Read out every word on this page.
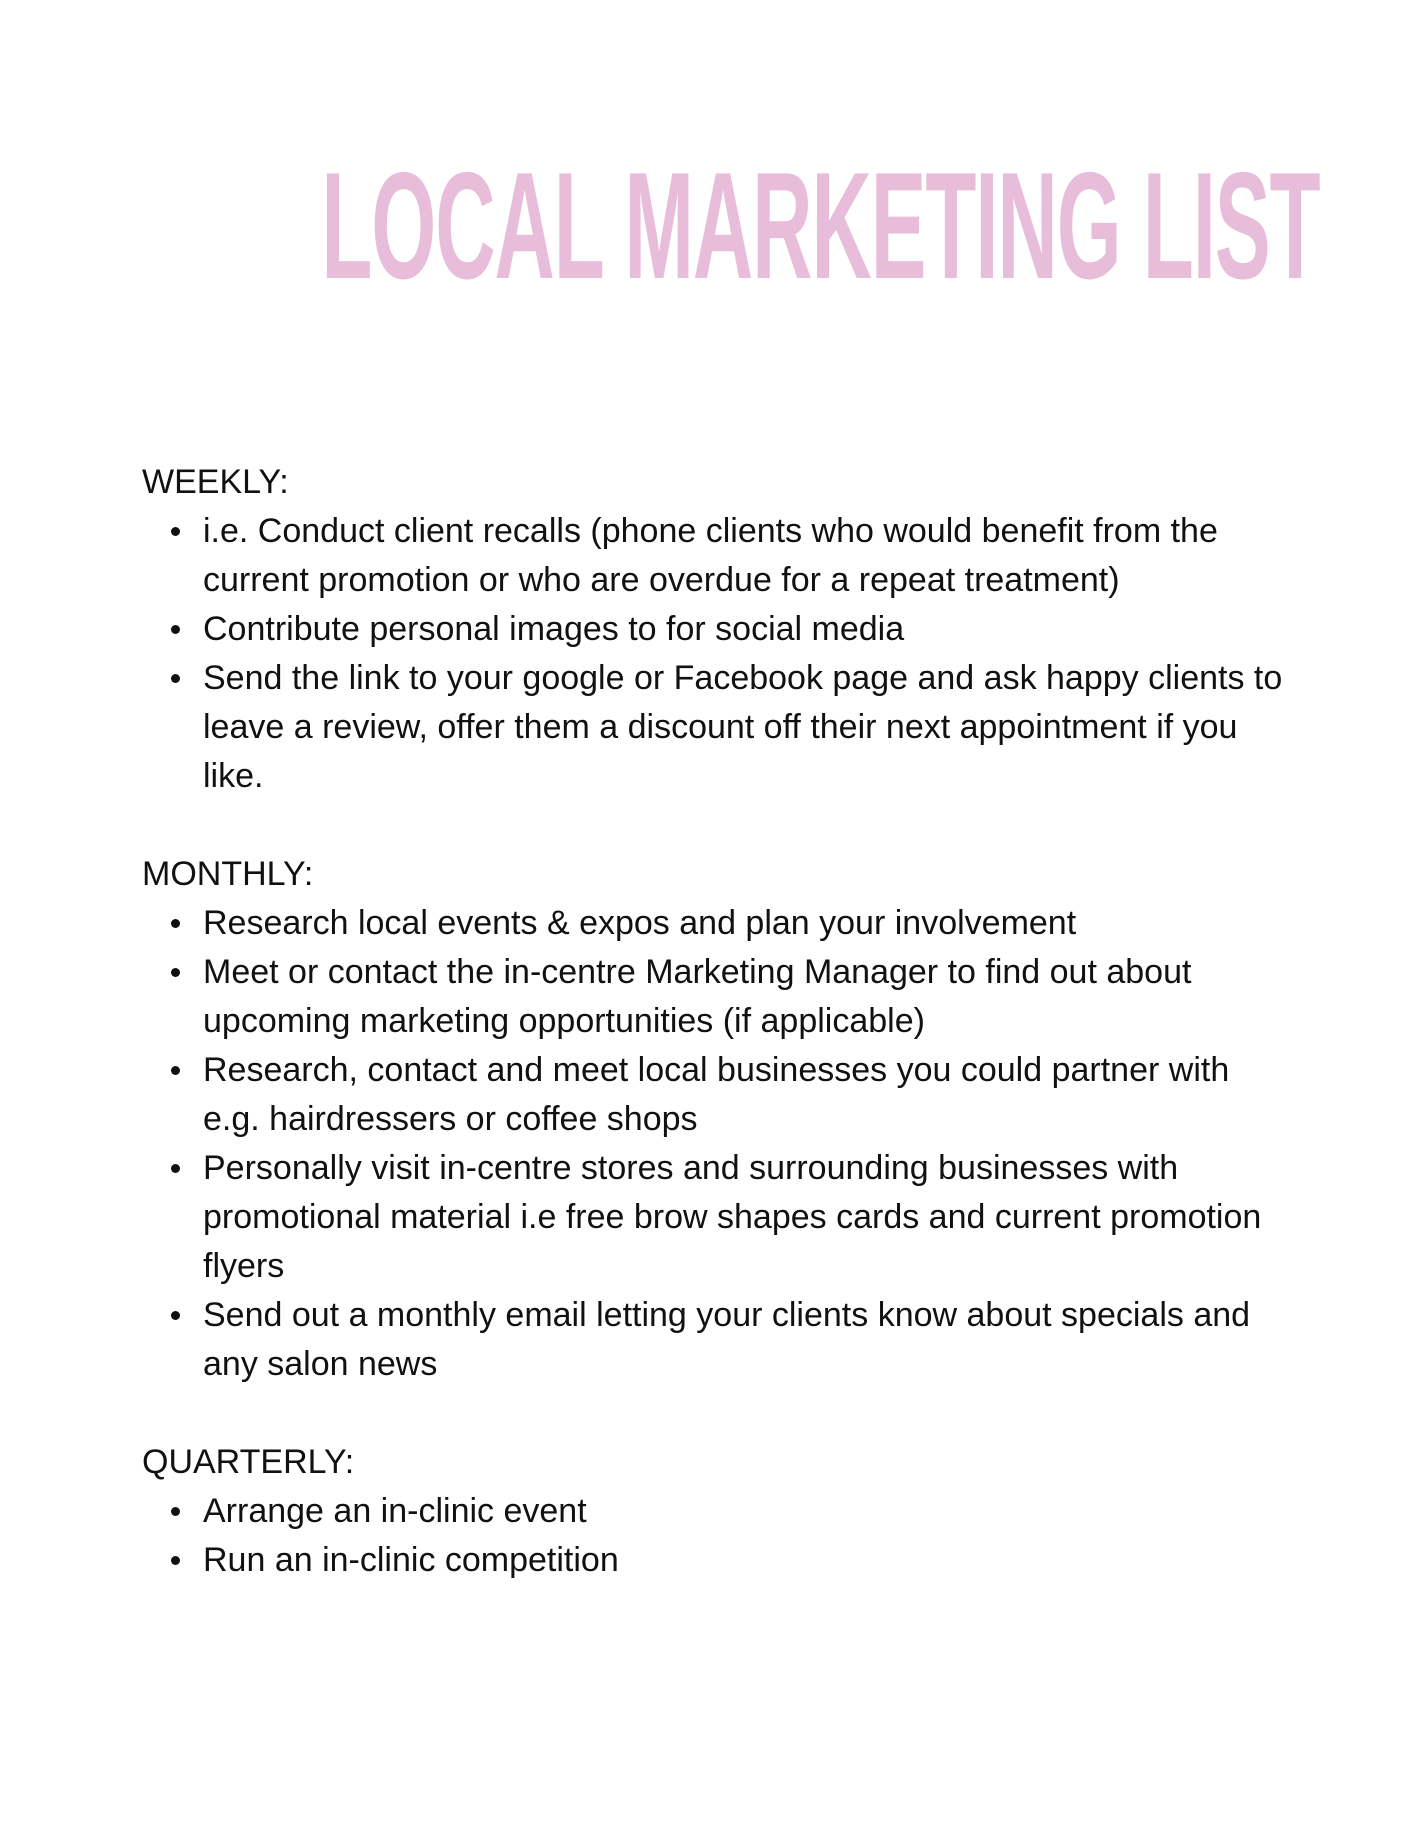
LOCAL MARKETING LIST

WEEKLY:

i.e. Conduct client recalls (phone clients who would benefit from the current promotion or who are overdue for a repeat treatment)
Contribute personal images to for social media
Send the link to your google or Facebook page and ask happy clients to leave a review, offer them a discount off their next appointment if you like.

MONTHLY:

Research local events & expos and plan your involvement
Meet or contact the in-centre Marketing Manager to find out about upcoming marketing opportunities (if applicable)
Research, contact and meet local businesses you could partner with e.g. hairdressers or coffee shops
Personally visit in-centre stores and surrounding businesses with promotional material i.e free brow shapes cards and current promotion flyers
Send out a monthly email letting your clients know about specials and any salon news

QUARTERLY:

Arrange an in-clinic event
Run an in-clinic competition
